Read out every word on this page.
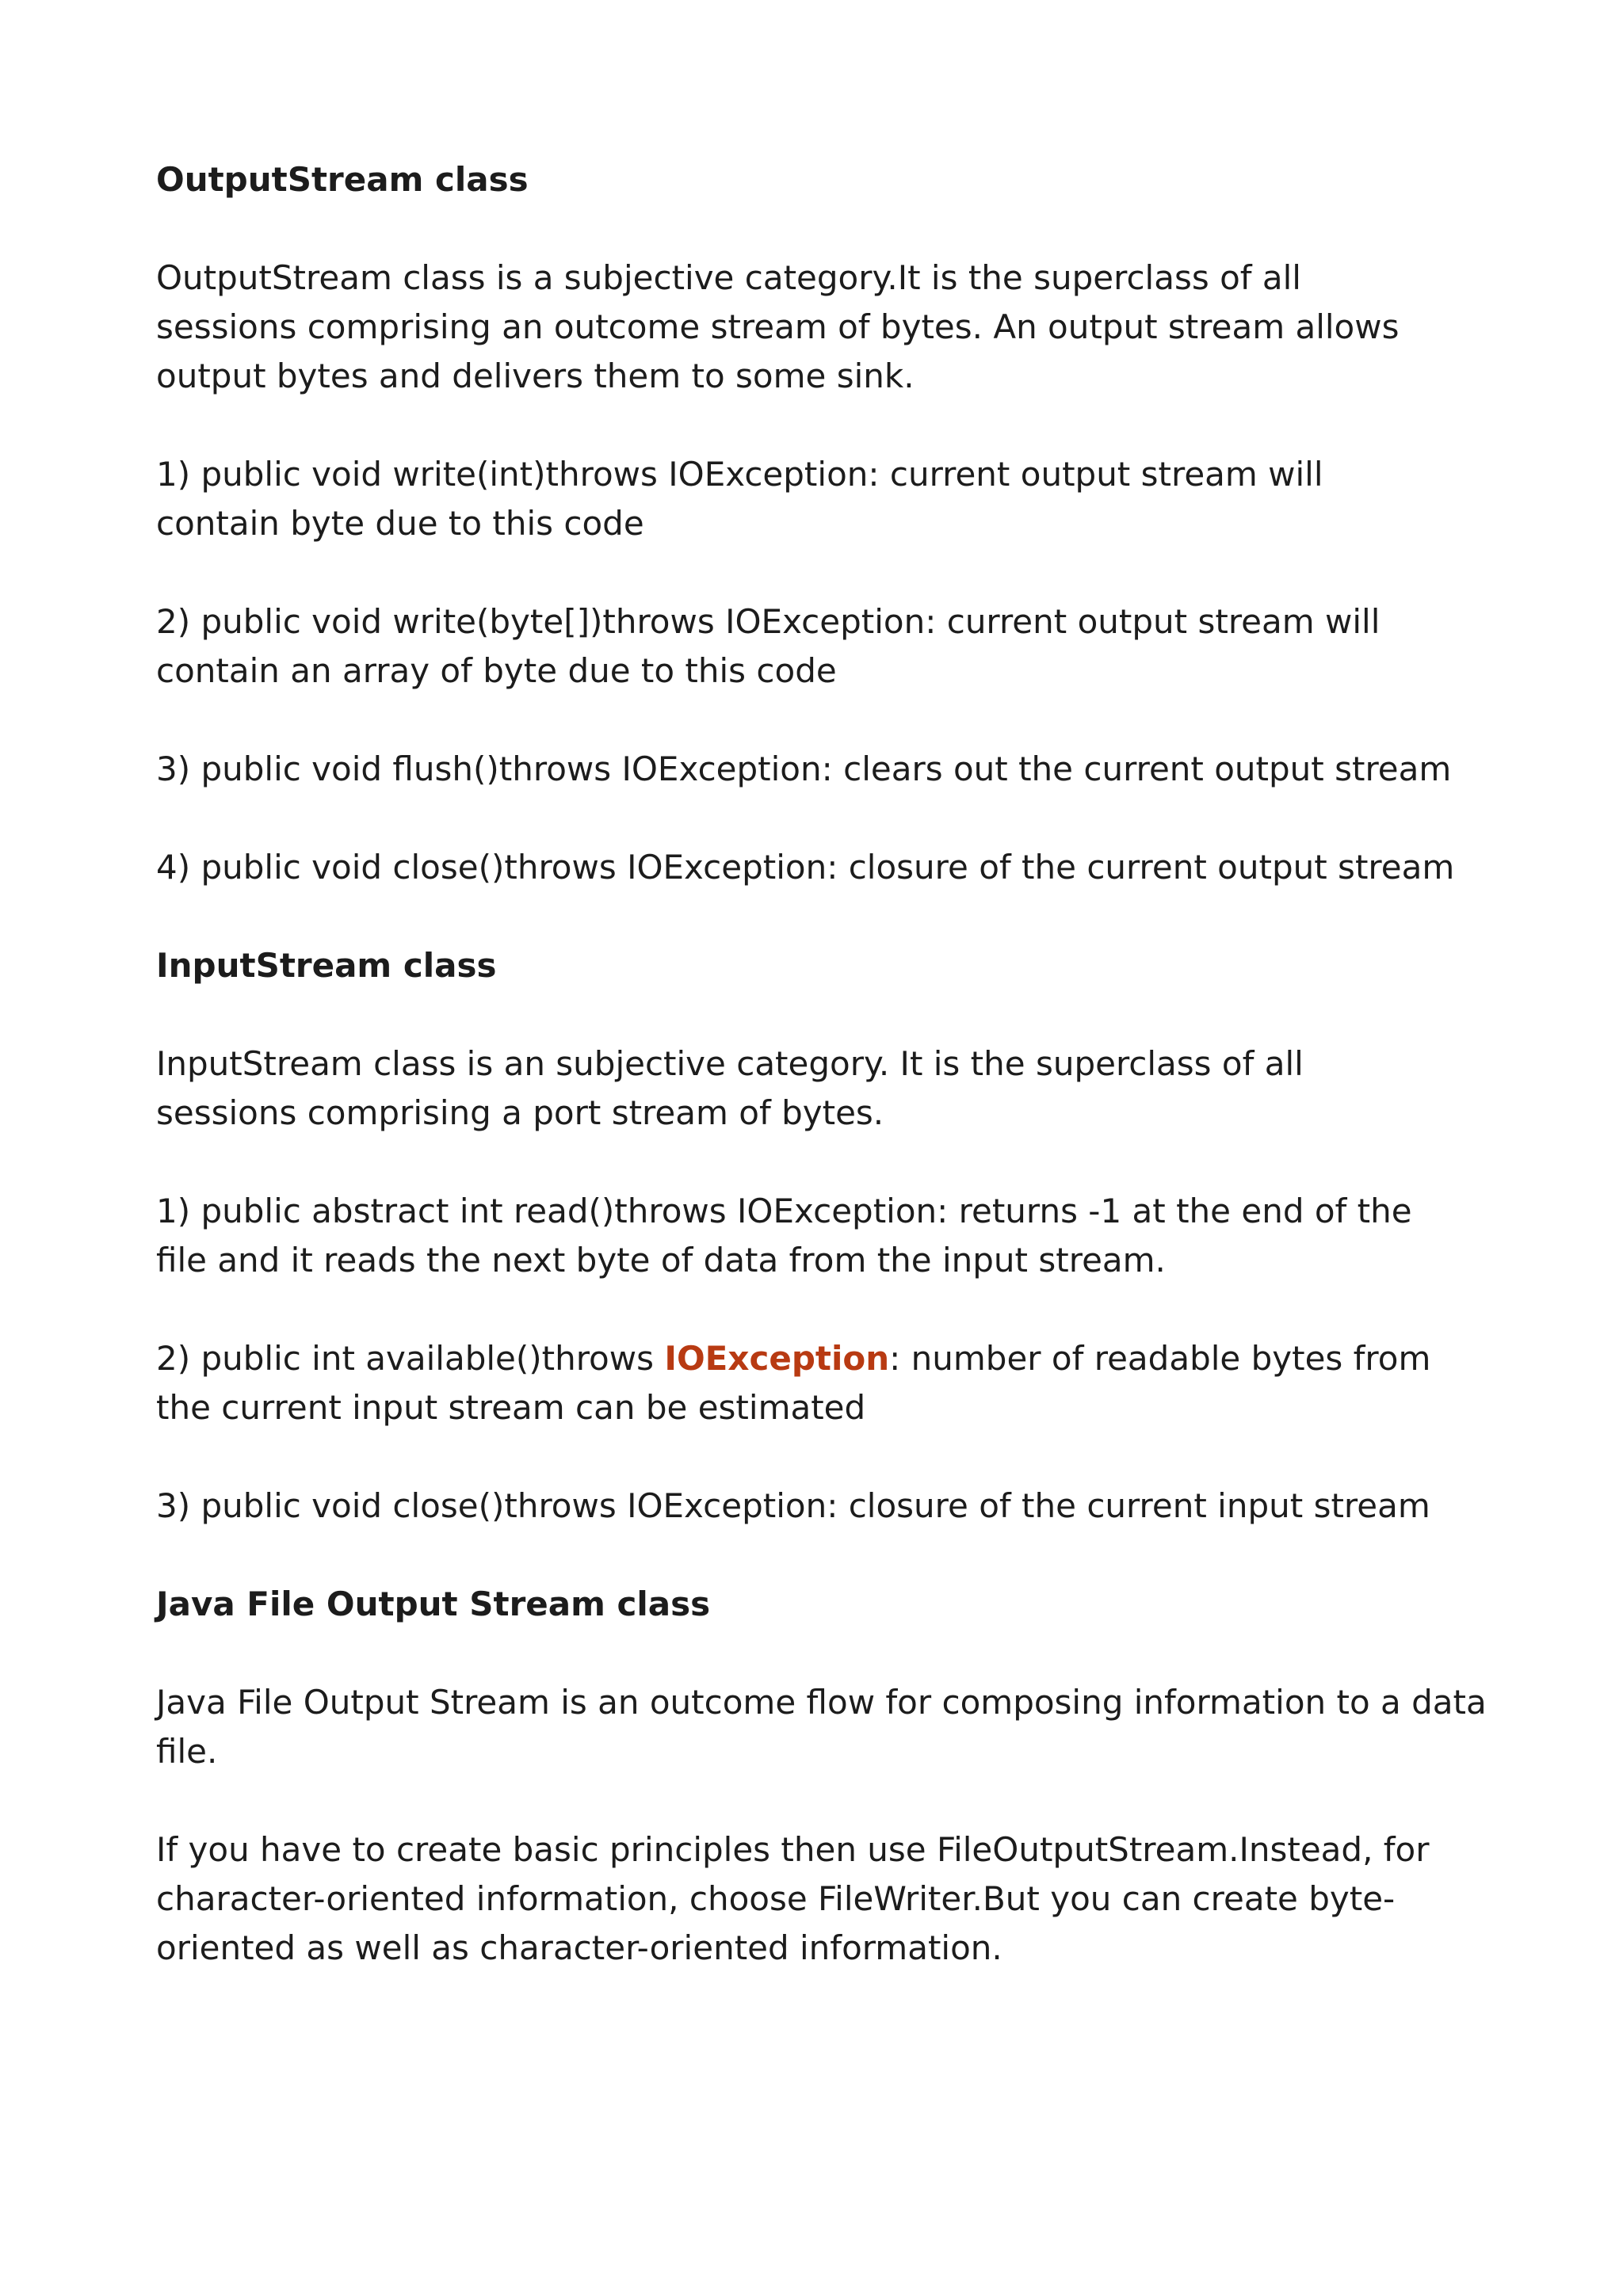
OutputStream class

OutputStream class is a subjective category.It is the superclass of all sessions comprising an outcome stream of bytes. An output stream allows output bytes and delivers them to some sink.

1) public void write(int)throws IOException: current output stream will contain byte due to this code

2) public void write(byte[])throws IOException: current output stream will contain an array of byte due to this code

3) public void flush()throws IOException: clears out the current output stream

4) public void close()throws IOException: closure of the current output stream

InputStream class

InputStream class is an subjective category. It is the superclass of all sessions comprising a port stream of bytes.

1) public abstract int read()throws IOException: returns -1 at the end of the file and it reads the next byte of data from the input stream.

2) public int available()throws IOException: number of readable bytes from the current input stream can be estimated

3) public void close()throws IOException: closure of the current input stream

Java File Output Stream class

Java File Output Stream is an outcome flow for composing information to a data file.

If you have to create basic principles then use FileOutputStream.Instead, for character-oriented information, choose FileWriter.But you can create byte-oriented as well as character-oriented information.
